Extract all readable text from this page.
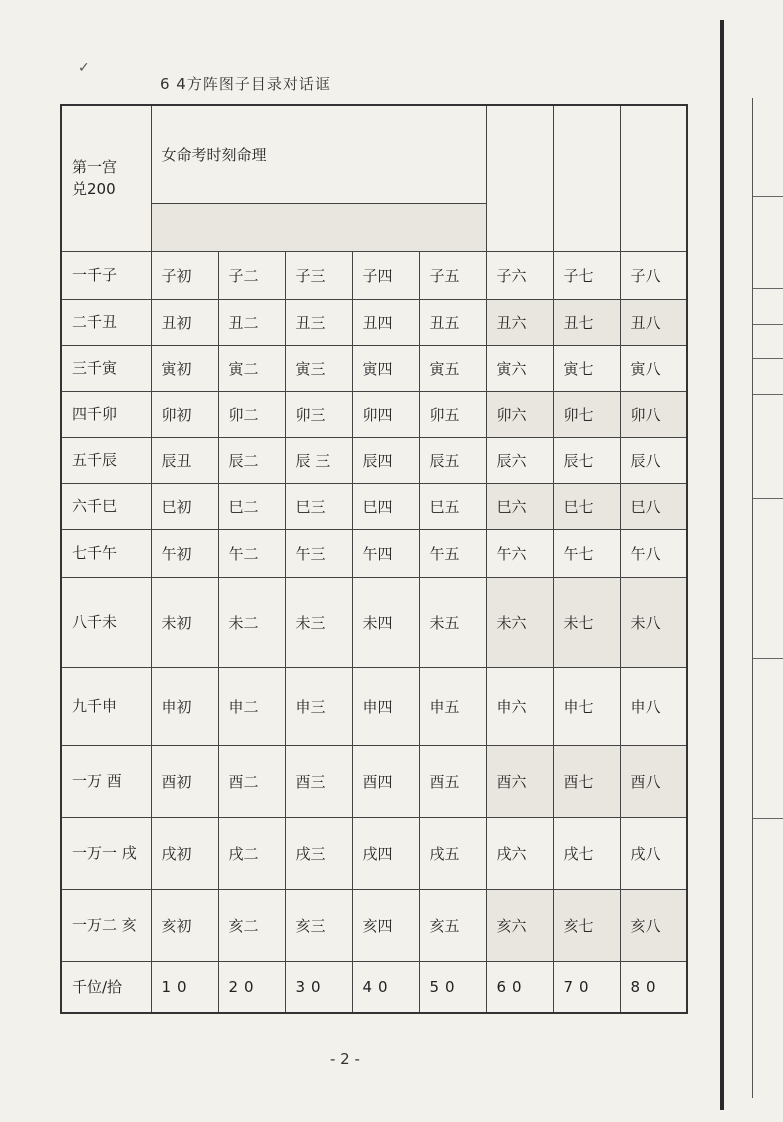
✓
6 4方阵图子目录对话诓
第一宫
兑200	女命考时刻命理							

一千子	子初	子二	子三	子四	子五	子六	子七	子八
二千丑	丑初	丑二	丑三	丑四	丑五	丑六	丑七	丑八
三千寅	寅初	寅二	寅三	寅四	寅五	寅六	寅七	寅八
四千卯	卯初	卯二	卯三	卯四	卯五	卯六	卯七	卯八
五千辰	辰丑	辰二	辰 三	辰四	辰五	辰六	辰七	辰八
六千巳	巳初	巳二	巳三	巳四	巳五	巳六	巳七	巳八
七千午	午初	午二	午三	午四	午五	午六	午七	午八
八千未	未初	未二	未三	未四	未五	未六	未七	未八
九千申	申初	申二	申三	申四	申五	申六	申七	申八
一万 酉	酉初	酉二	酉三	酉四	酉五	酉六	酉七	酉八
一万一 戌	戌初	戌二	戌三	戌四	戌五	戌六	戌七	戌八
一万二 亥	亥初	亥二	亥三	亥四	亥五	亥六	亥七	亥八
千位/拾	10	20	30	40	50	60	70	80
- 2 -
